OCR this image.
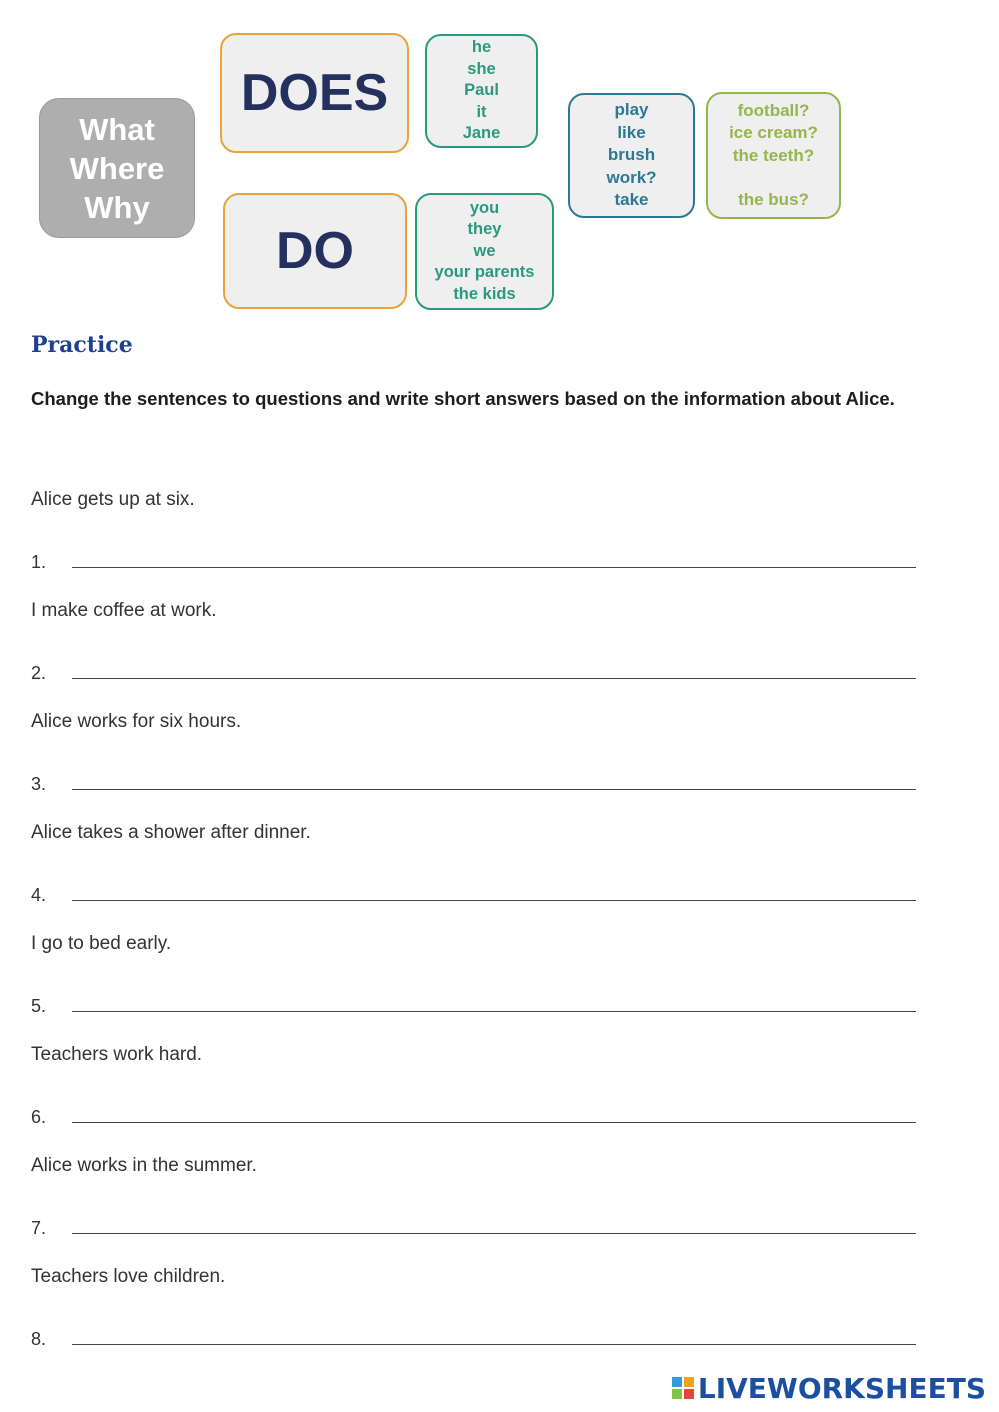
What
Where
Why
DOES
he
she
Paul
it
Jane
play
like
brush
work?
take
football?
ice cream?
the teeth?
the bus?
DO
you
they
we
your parents
the kids
Practice

Change the sentences to questions and write short answers based on the information about Alice.

Alice gets up at six.
1.
I make coffee at work.
2.
Alice works for six hours.
3.
Alice takes a shower after dinner.
4.
I go to bed early.
5.
Teachers work hard.
6.
Alice works in the summer.
7.
Teachers love children.
8.
LIVEWORKSHEETS
